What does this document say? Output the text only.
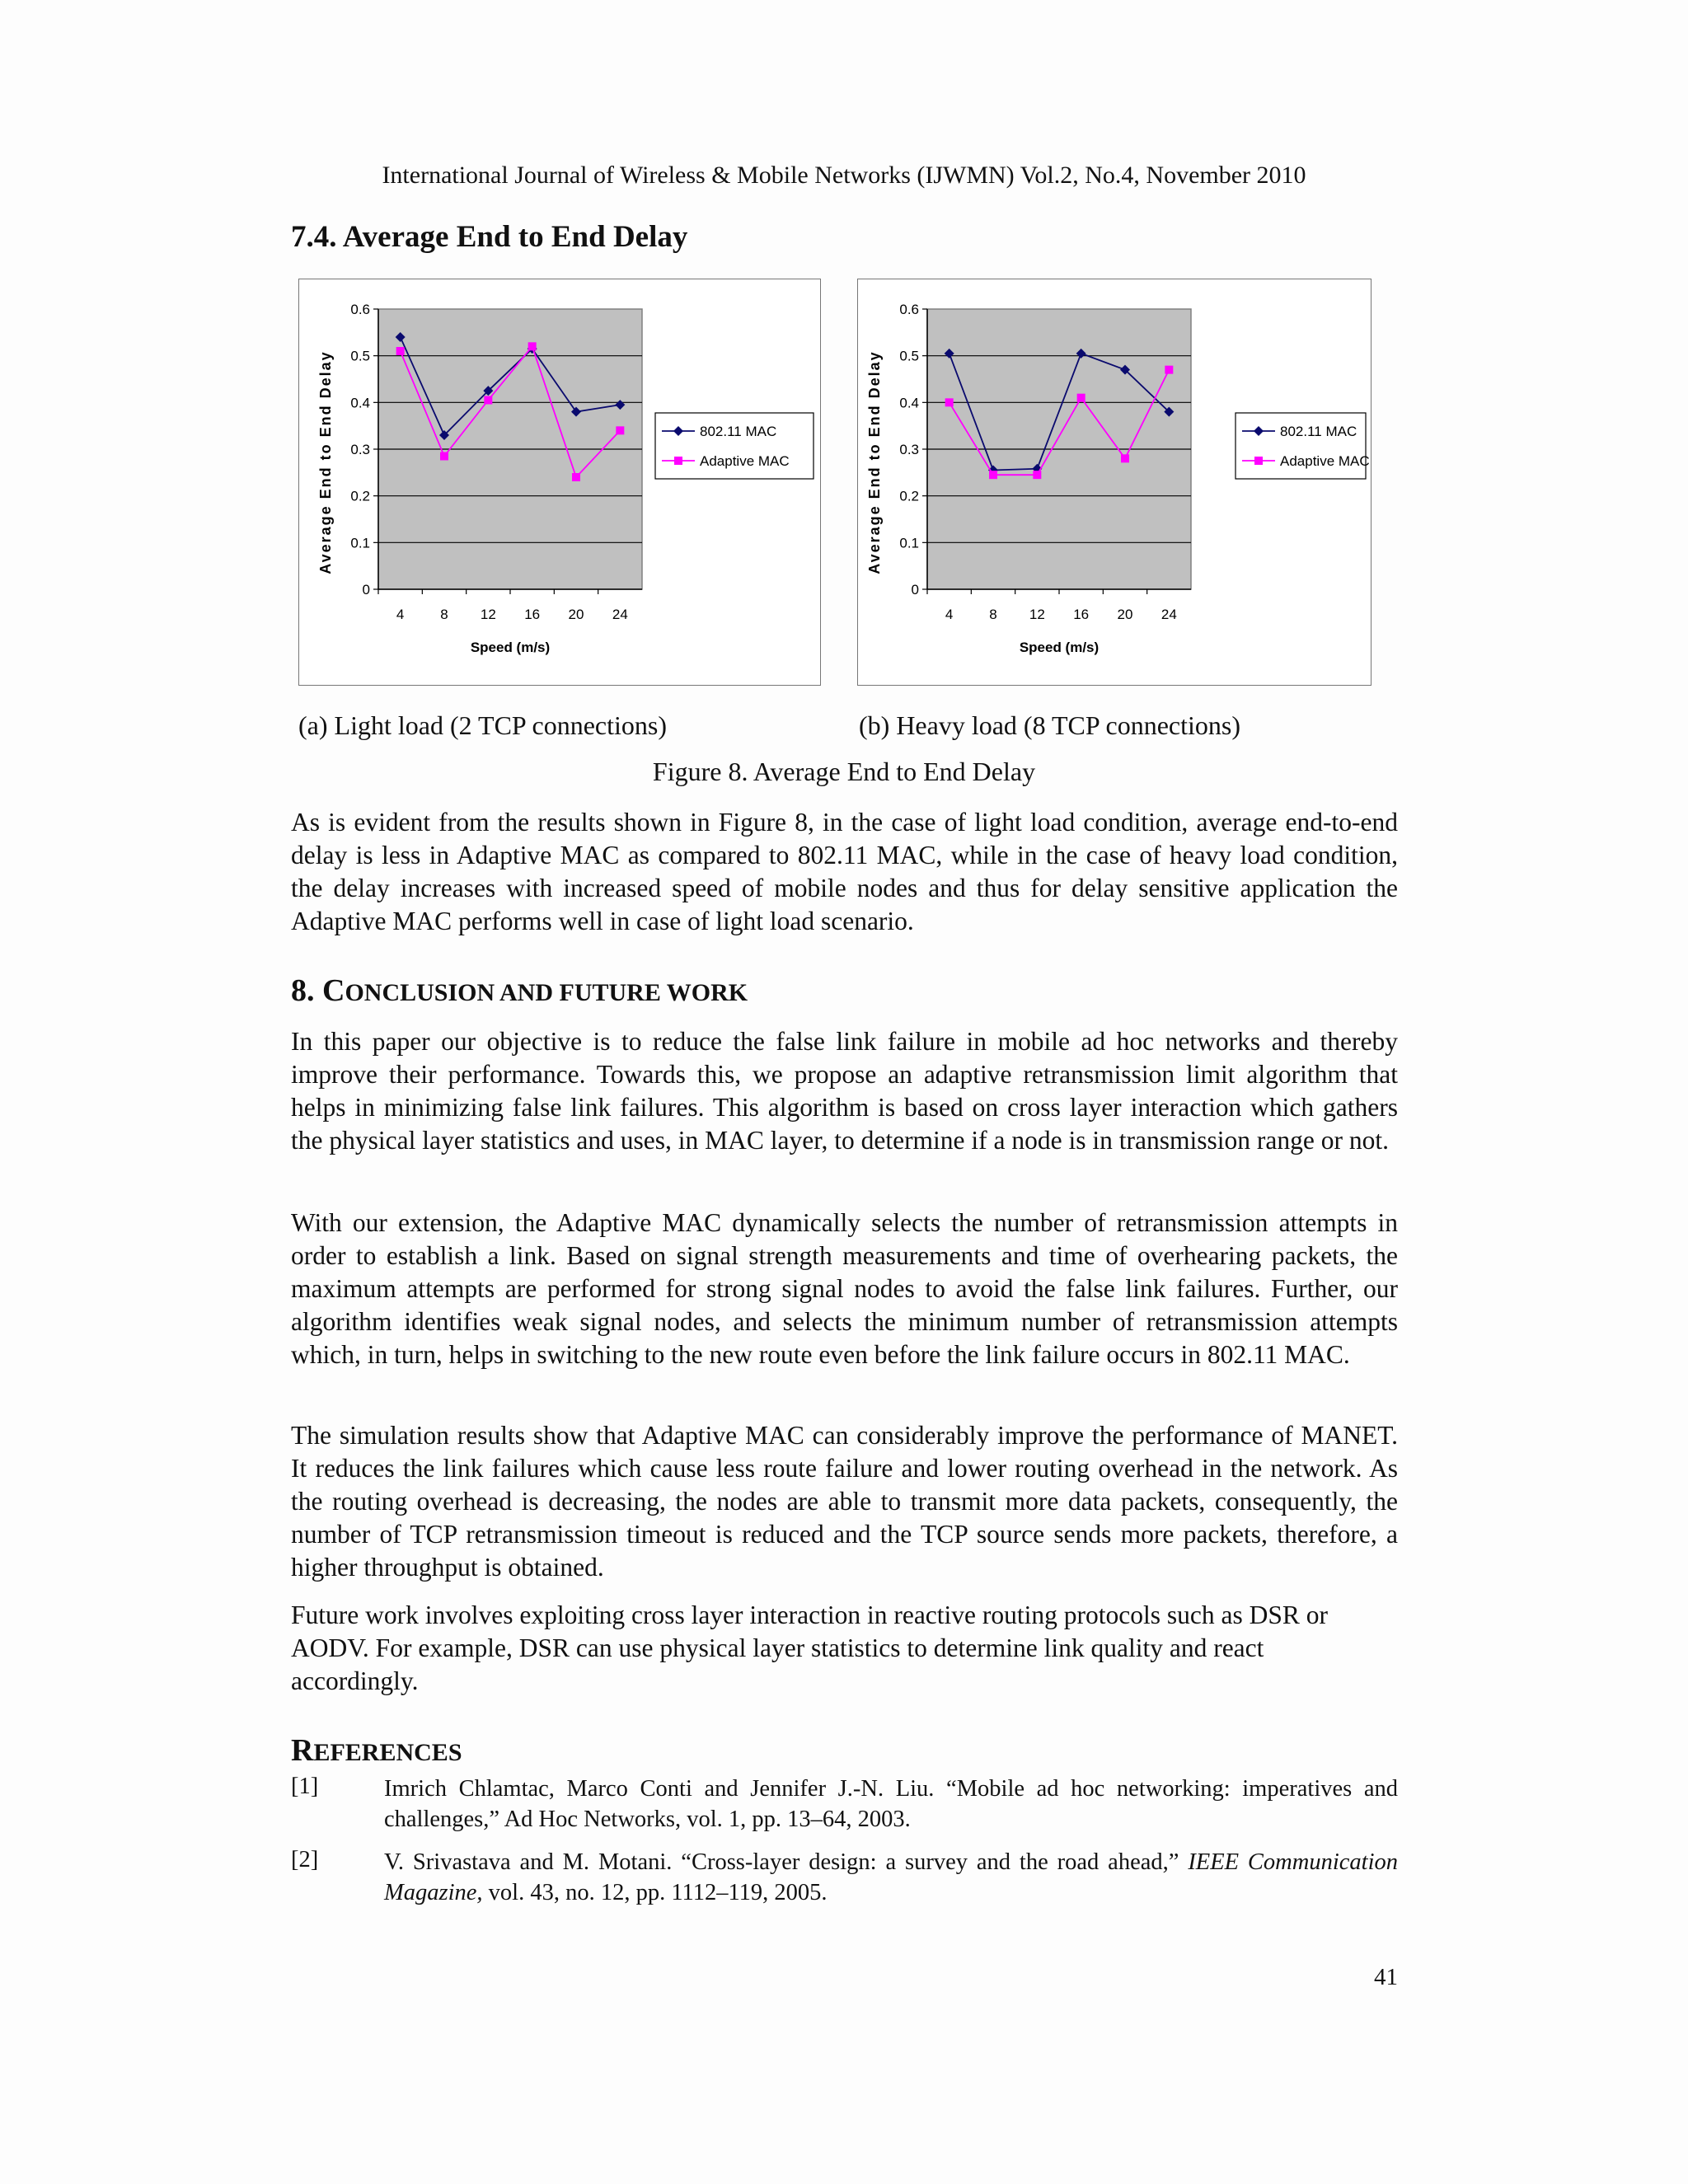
International Journal of Wireless & Mobile Networks (IJWMN) Vol.2, No.4, November 2010
7.4. Average End to End Delay
0
0.1
0.2
0.3
0.4
0.5
0.6
4	8 12 16 20 24
Speed (m/s)
Average End to End Delay	802.11 MAC
Adaptive MAC
0
0.1
0.2
0.3
0.4
0.5
0.6
4	8 12 16 20 24
Speed (m/s)
Average End to End Delay	802.11 MAC
Adaptive MAC
(a) Light load (2 TCP connections)	(b) Heavy load (8 TCP connections)
Figure 8. Average End to End Delay
As is evident from the results shown in Figure 8, in the case of light load condition, average end-to-end delay is less in Adaptive MAC as compared to 802.11 MAC, while in the case of heavy load condition, the delay increases with increased speed of mobile nodes and thus for delay sensitive application the Adaptive MAC performs well in case of light load scenario.
8. CONCLUSION AND FUTURE WORK
In this paper our objective is to reduce the false link failure in mobile ad hoc networks and thereby improve their performance. Towards this, we propose an adaptive retransmission limit algorithm that helps in minimizing false link failures. This algorithm is based on cross layer interaction which gathers the physical layer statistics and uses, in MAC layer, to determine if a node is in transmission range or not.
With our extension, the Adaptive MAC dynamically selects the number of retransmission attempts in order to establish a link. Based on signal strength measurements and time of overhearing packets, the maximum attempts are performed for strong signal nodes to avoid the false link failures. Further, our algorithm identifies weak signal nodes, and selects the minimum number of retransmission attempts which, in turn, helps in switching to the new route even before the link failure occurs in 802.11 MAC.
The simulation results show that Adaptive MAC can considerably improve the performance of MANET. It reduces the link failures which cause less route failure and lower routing overhead in the network. As the routing overhead is decreasing, the nodes are able to transmit more data packets, consequently, the number of TCP retransmission timeout is reduced and the TCP source sends more packets, therefore, a higher throughput is obtained.
Future work involves exploiting cross layer interaction in reactive routing protocols such as DSR or AODV. For example, DSR can use physical layer statistics to determine link quality and react accordingly.
REFERENCES
[1]	Imrich Chlamtac, Marco Conti and Jennifer J.-N. Liu. “Mobile ad hoc networking: imperatives and challenges,” Ad Hoc Networks, vol. 1, pp. 13–64, 2003.
[2]	V. Srivastava and M. Motani. “Cross-layer design: a survey and the road ahead,” IEEE Communication Magazine, vol. 43, no. 12, pp. 1112–119, 2005.
41
